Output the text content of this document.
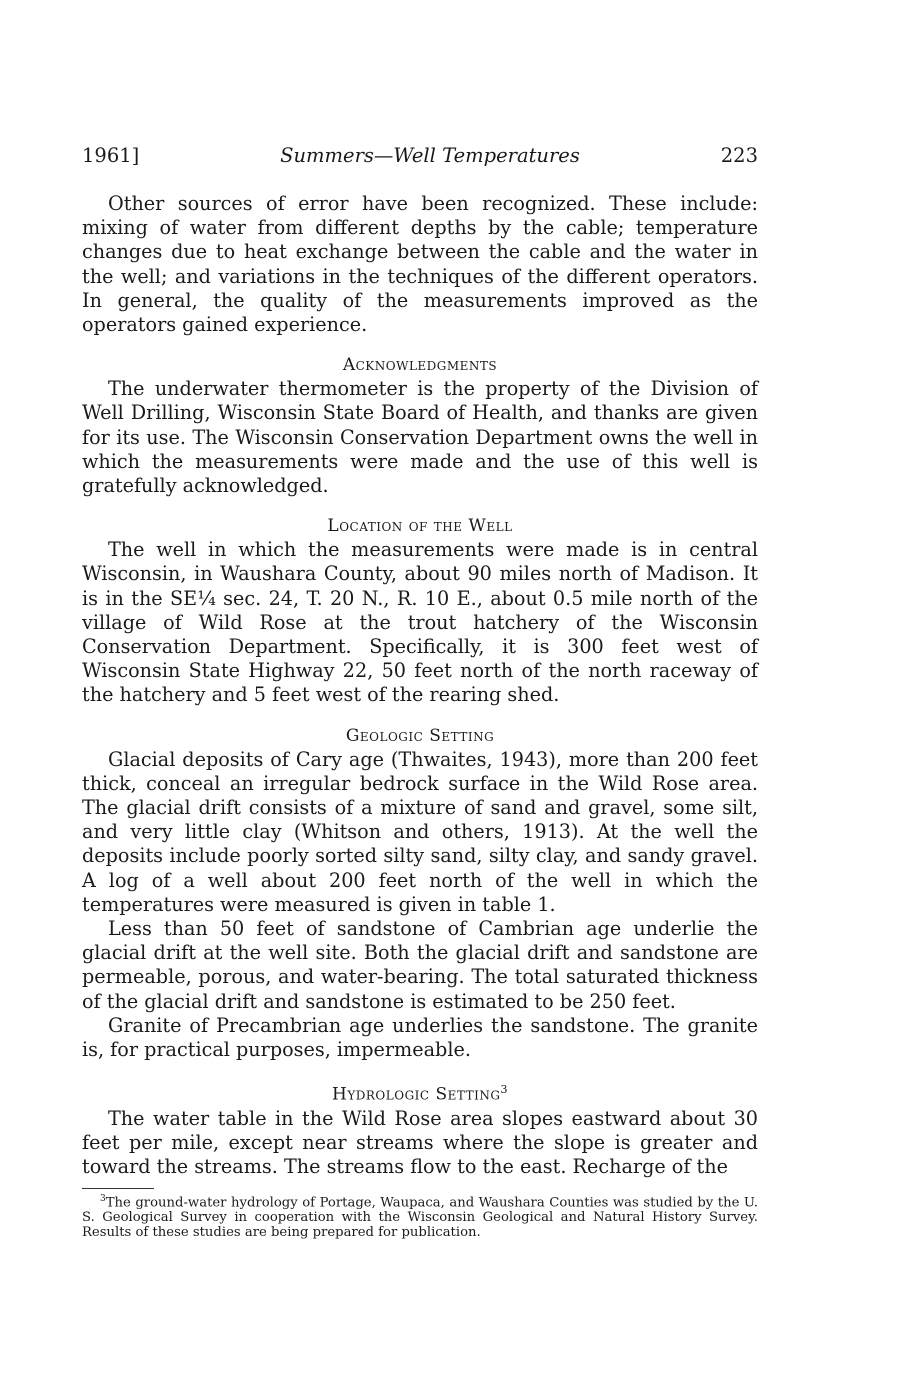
1961]	Summers—Well Temperatures	223

Other sources of error have been recognized. These include: mixing of water from different depths by the cable; temperature changes due to heat exchange between the cable and the water in the well; and variations in the techniques of the different operators. In general, the quality of the measurements improved as the operators gained experience.

Acknowledgments

The underwater thermometer is the property of the Division of Well Drilling, Wisconsin State Board of Health, and thanks are given for its use. The Wisconsin Conservation Department owns the well in which the measurements were made and the use of this well is gratefully acknowledged.

Location of the Well

The well in which the measurements were made is in central Wisconsin, in Waushara County, about 90 miles north of Madison. It is in the SE¼ sec. 24, T. 20 N., R. 10 E., about 0.5 mile north of the village of Wild Rose at the trout hatchery of the Wisconsin Conservation Department. Specifically, it is 300 feet west of Wisconsin State Highway 22, 50 feet north of the north raceway of the hatchery and 5 feet west of the rearing shed.

Geologic Setting

Glacial deposits of Cary age (Thwaites, 1943), more than 200 feet thick, conceal an irregular bedrock surface in the Wild Rose area. The glacial drift consists of a mixture of sand and gravel, some silt, and very little clay (Whitson and others, 1913). At the well the deposits include poorly sorted silty sand, silty clay, and sandy gravel. A log of a well about 200 feet north of the well in which the temperatures were measured is given in table 1.

Less than 50 feet of sandstone of Cambrian age underlie the glacial drift at the well site. Both the glacial drift and sandstone are permeable, porous, and water-bearing. The total saturated thickness of the glacial drift and sandstone is estimated to be 250 feet.

Granite of Precambrian age underlies the sandstone. The granite is, for practical purposes, impermeable.

Hydrologic Setting$^3$

The water table in the Wild Rose area slopes eastward about 30 feet per mile, except near streams where the slope is greater and toward the streams. The streams flow to the east. Recharge of the

$^3$The ground-water hydrology of Portage, Waupaca, and Waushara Counties was studied by the U. S. Geological Survey in cooperation with the Wisconsin Geological and Natural History Survey. Results of these studies are being prepared for publication.
